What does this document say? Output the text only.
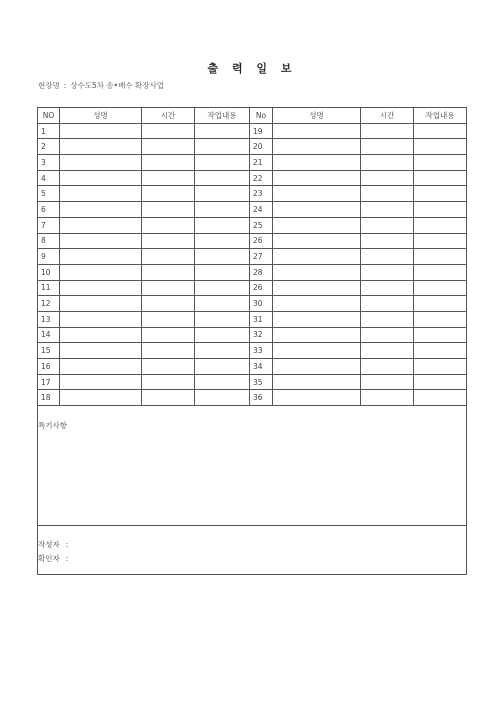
출 력 일 보
현장명 : 상수도5차 송•배수 확장사업
NO	성명	시간	작업내용	No	성명	시간	작업내용
1				19			
2				20			
3				21			
4				22			
5				23			
6				24			
7				25			
8				26			
9				27			
10				28			
11				26			
12				30			
13				31			
14				32			
15				33			
16				34			
17				35			
18				36			
특기사항
작성자 :
확인자 :
